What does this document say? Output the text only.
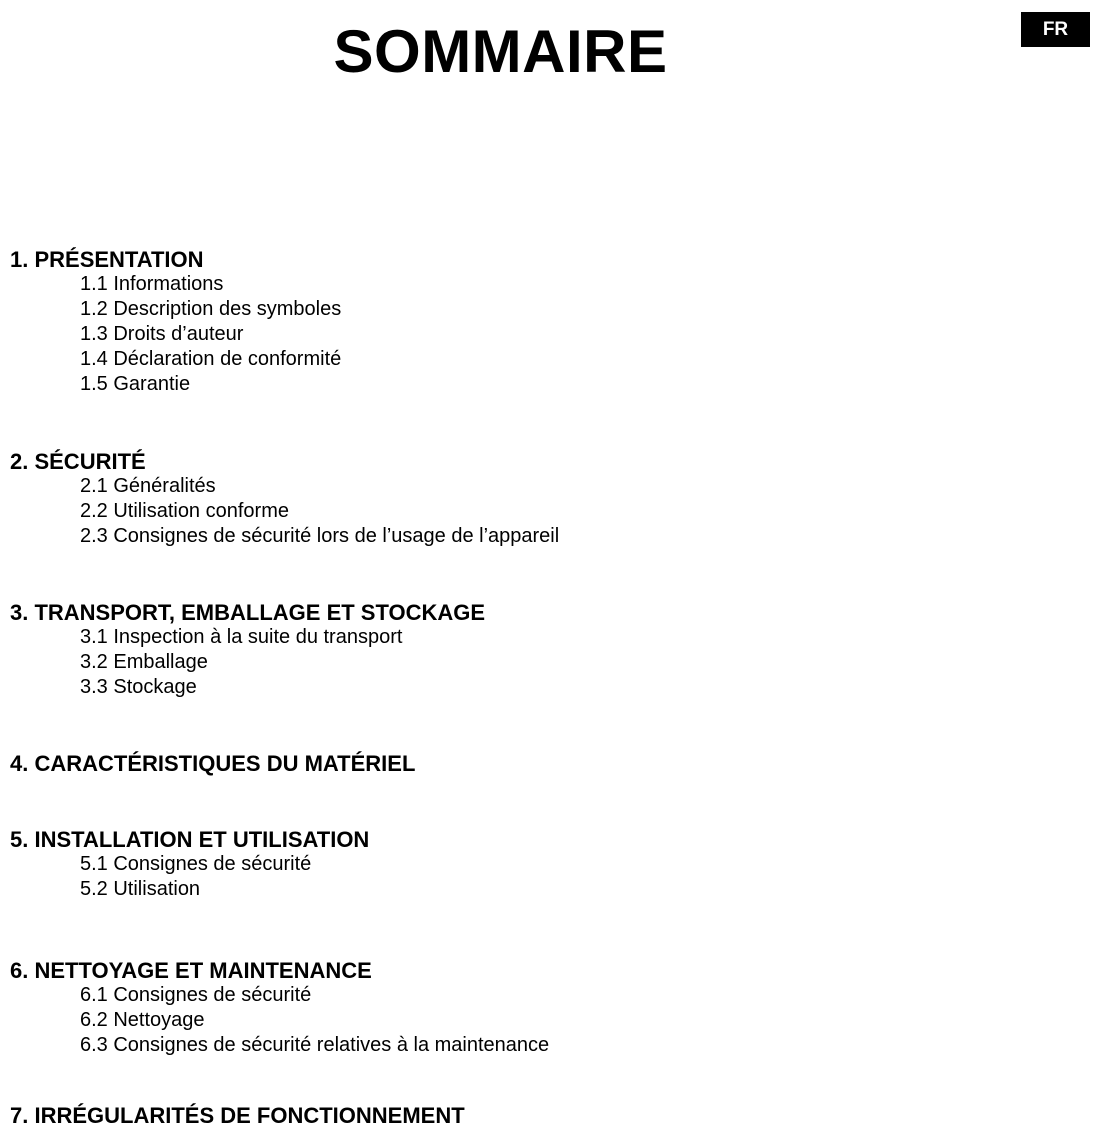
SOMMAIRE	FR
1. PRÉSENTATION
1.1 Informations
1.2 Description des symboles
1.3 Droits d’auteur
1.4 Déclaration de conformité
1.5 Garantie
2. SÉCURITÉ
2.1 Généralités
2.2 Utilisation conforme
2.3 Consignes de sécurité lors de l’usage de l’appareil
3. TRANSPORT, EMBALLAGE ET STOCKAGE
3.1 Inspection à la suite du transport
3.2 Emballage
3.3 Stockage
4. CARACTÉRISTIQUES DU MATÉRIEL
5. INSTALLATION ET UTILISATION
5.1 Consignes de sécurité
5.2 Utilisation
6. NETTOYAGE ET MAINTENANCE
6.1 Consignes de sécurité
6.2 Nettoyage
6.3 Consignes de sécurité relatives à la maintenance
7. IRRÉGULARITÉS DE FONCTIONNEMENT
